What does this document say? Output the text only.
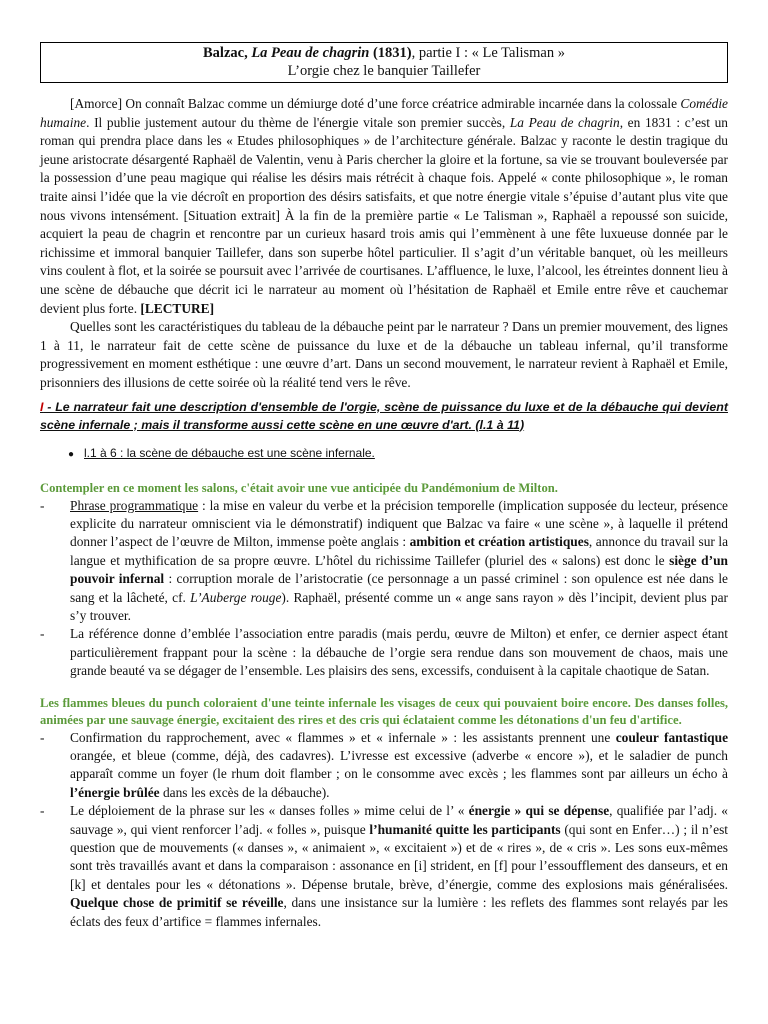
Balzac, La Peau de chagrin (1831), partie I : « Le Talisman »
L’orgie chez le banquier Taillefer

[Amorce] On connaît Balzac comme un démiurge doté d’une force créatrice admirable incarnée dans la colossale Comédie humaine. Il publie justement autour du thème de l'énergie vitale son premier succès, La Peau de chagrin, en 1831 : c’est un roman qui prendra place dans les « Etudes philosophiques » de l’architecture générale. Balzac y raconte le destin tragique du jeune aristocrate désargenté Raphaël de Valentin, venu à Paris chercher la gloire et la fortune, sa vie se trouvant bouleversée par la possession d’une peau magique qui réalise les désirs mais rétrécit à chaque fois. Appelé « conte philosophique », le roman traite ainsi l’idée que la vie décroît en proportion des désirs satisfaits, et que notre énergie vitale s’épuise d’autant plus vite que nous vivons intensément. [Situation extrait] À la fin de la première partie « Le Talisman », Raphaël a repoussé son suicide, acquiert la peau de chagrin et rencontre par un curieux hasard trois amis qui l’emmènent à une fête luxueuse donnée par le richissime et immoral banquier Taillefer, dans son superbe hôtel particulier. Il s’agit d’un véritable banquet, où les meilleurs vins coulent à flot, et la soirée se poursuit avec l’arrivée de courtisanes. L’affluence, le luxe, l’alcool, les étreintes donnent lieu à une scène de débauche que décrit ici le narrateur au moment où l’hésitation de Raphaël et Emile entre rêve et cauchemar devient plus forte. [LECTURE]

Quelles sont les caractéristiques du tableau de la débauche peint par le narrateur ? Dans un premier mouvement, des lignes 1 à 11, le narrateur fait de cette scène de puissance du luxe et de la débauche un tableau infernal, qu’il transforme progressivement en moment esthétique : une œuvre d’art. Dans un second mouvement, le narrateur revient à Raphaël et Emile, prisonniers des illusions de cette soirée où la réalité tend vers le rêve.

I - Le narrateur fait une description d'ensemble de l'orgie, scène de puissance du luxe et de la débauche qui devient scène infernale ; mais il transforme aussi cette scène en une œuvre d'art. (l.1 à 11)
● l.1 à 6 : la scène de débauche est une scène infernale.
Contempler en ce moment les salons, c'était avoir une vue anticipée du Pandémonium de Milton.
- Phrase programmatique : la mise en valeur du verbe et la précision temporelle (implication supposée du lecteur, présence explicite du narrateur omniscient via le démonstratif) indiquent que Balzac va faire « une scène », à laquelle il prétend donner l’aspect de l’œuvre de Milton, immense poète anglais : ambition et création artistiques, annonce du travail sur la langue et mythification de sa propre œuvre. L’hôtel du richissime Taillefer (pluriel des « salons) est donc le siège d’un pouvoir infernal : corruption morale de l’aristocratie (ce personnage a un passé criminel : son opulence est née dans le sang et la lâcheté, cf. L’Auberge rouge). Raphaël, présenté comme un « ange sans rayon » dès l’incipit, devient plus par s’y trouver.
- La référence donne d’emblée l’association entre paradis (mais perdu, œuvre de Milton) et enfer, ce dernier aspect étant particulièrement frappant pour la scène : la débauche de l’orgie sera rendue dans son mouvement de chaos, mais une grande beauté va se dégager de l’ensemble. Les plaisirs des sens, excessifs, conduisent à la capitale chaotique de Satan.
Les flammes bleues du punch coloraient d'une teinte infernale les visages de ceux qui pouvaient boire encore. Des danses folles, animées par une sauvage énergie, excitaient des rires et des cris qui éclataient comme les détonations d'un feu d'artifice.
- Confirmation du rapprochement, avec « flammes » et « infernale » : les assistants prennent une couleur fantastique orangée, et bleue (comme, déjà, des cadavres). L’ivresse est excessive (adverbe « encore »), et le saladier de punch apparaît comme un foyer (le rhum doit flamber ; on le consomme avec excès ; les flammes sont par ailleurs un écho à l’énergie brûlée dans les excès de la débauche).
- Le déploiement de la phrase sur les « danses folles » mime celui de l’ « énergie » qui se dépense, qualifiée par l’adj. « sauvage », qui vient renforcer l’adj. « folles », puisque l’humanité quitte les participants (qui sont en Enfer…) ; il n’est question que de mouvements (« danses », « animaient », « excitaient ») et de « rires », de « cris ». Les sons eux-mêmes sont très travaillés avant et dans la comparaison : assonance en [i] strident, en [f] pour l’essoufflement des danseurs, et en [k] et dentales pour les « détonations ». Dépense brutale, brève, d’énergie, comme des explosions mais généralisées. Quelque chose de primitif se réveille, dans une insistance sur la lumière : les reflets des flammes sont relayés par les éclats des feux d’artifice = flammes infernales.
